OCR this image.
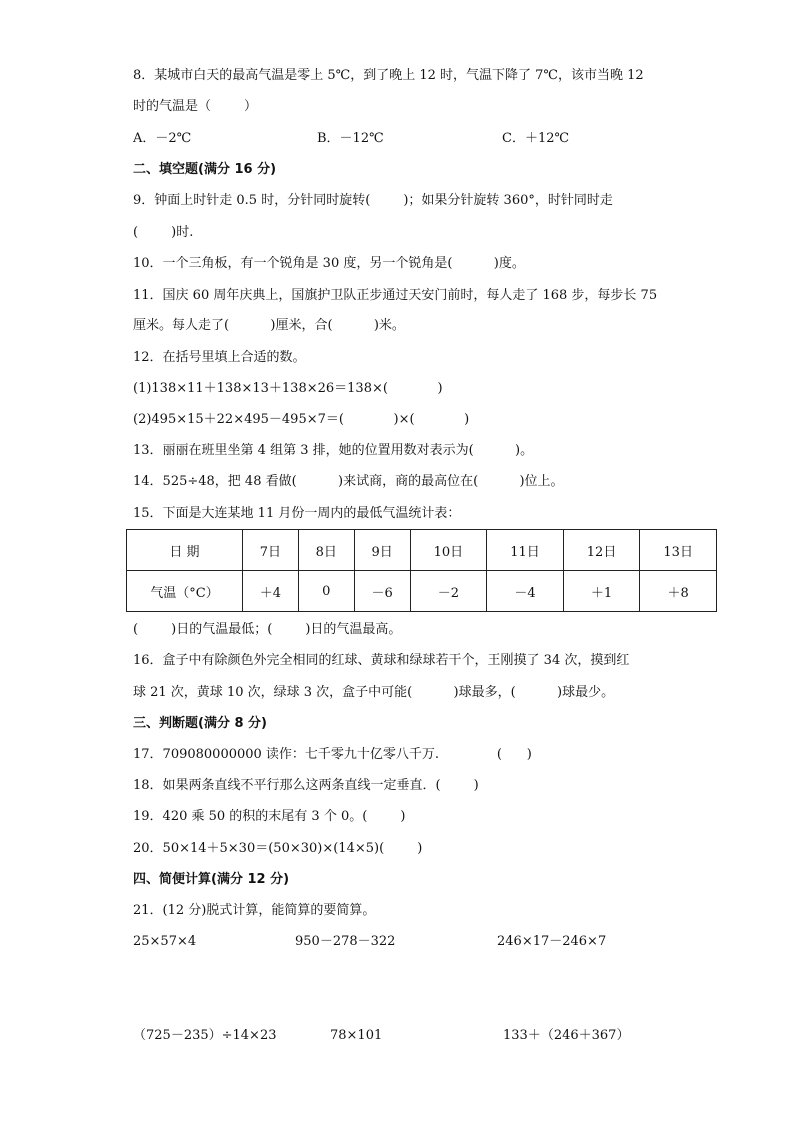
8．某城市白天的最高气温是零上 5℃，到了晚上 12 时，气温下降了 7℃，该市当晚 12
时的气温是（        ）
A．－2℃	B．－12℃	C．＋12℃
二、填空题(满分 16 分)
9．钟面上时针走 0.5 时，分针同时旋转(        )；如果分针旋转 360°，时针同时走
(        )时.
10．一个三角板，有一个锐角是 30 度，另一个锐角是(          )度。
11．国庆 60 周年庆典上，国旗护卫队正步通过天安门前时，每人走了 168 步，每步长 75
厘米。每人走了(          )厘米，合(          )米。
12．在括号里填上合适的数。
(1)138×11＋138×13＋138×26＝138×(            )
(2)495×15＋22×495－495×7＝(            )×(            )
13．丽丽在班里坐第 4 组第 3 排，她的位置用数对表示为(          )。
14．525÷48，把 48 看做(          )来试商，商的最高位在(          )位上。
15．下面是大连某地 11 月份一周内的最低气温统计表：
日 期	7日	8日	9日	10日	11日	12日	13日
气温（°C）	＋4	0	－6	－2	－4	＋1	＋8
(        )日的气温最低；(        )日的气温最高。
16．盒子中有除颜色外完全相同的红球、黄球和绿球若干个，王刚摸了 34 次，摸到红
球 21 次，黄球 10 次，绿球 3 次，盒子中可能(          )球最多，(          )球最少。
三、判断题(满分 8 分)
17．709080000000 读作：七千零九十亿零八千万.              (      )
18．如果两条直线不平行那么这两条直线一定垂直．(        )
19．420 乘 50 的积的末尾有 3 个 0。(        )
20．50×14＋5×30＝(50×30)×(14×5)(        )
四、简便计算(满分 12 分)
21．(12 分)脱式计算，能简算的要简算。
25×57×4	950－278－322	246×17－246×7
（725－235）÷14×23	78×101	133＋（246＋367）
